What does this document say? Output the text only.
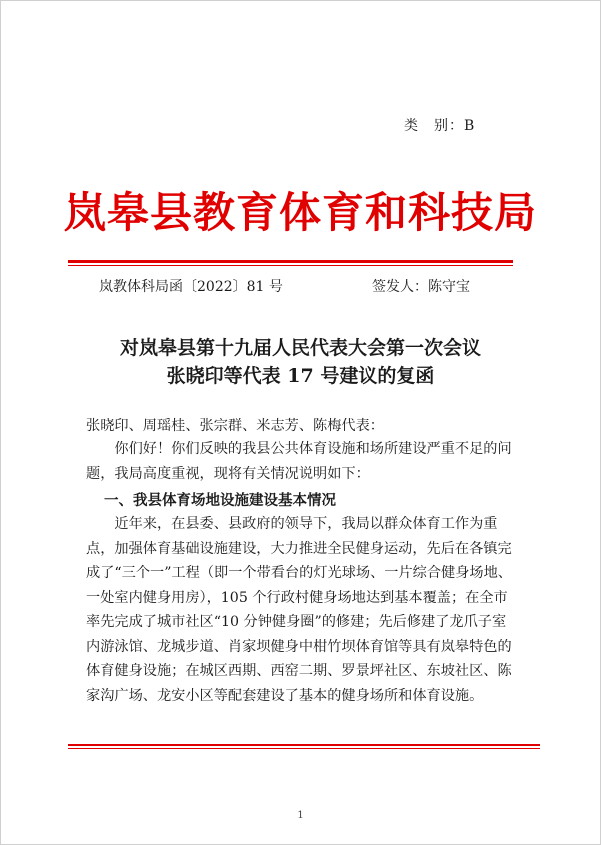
类　别：B
岚皋县教育体育和科技局
岚教体科局函〔2022〕81 号	签发人：陈守宝
对岚皋县第十九届人民代表大会第一次会议
张晓印等代表 17 号建议的复函
张晓印、周瑶桂、张宗群、米志芳、陈梅代表：
你们好！你们反映的我县公共体育设施和场所建设严重不足的问题，我局高度重视，现将有关情况说明如下：
一、我县体育场地设施建设基本情况
近年来，在县委、县政府的领导下，我局以群众体育工作为重点，加强体育基础设施建设，大力推进全民健身运动，先后在各镇完成了“三个一”工程（即一个带看台的灯光球场、一片综合健身场地、一处室内健身用房），105 个行政村健身场地达到基本覆盖；在全市率先完成了城市社区“10 分钟健身圈”的修建；先后修建了龙爪子室内游泳馆、龙城步道、肖家坝健身中柑竹坝体育馆等具有岚皋特色的体育健身设施；在城区西期、西窑二期、罗景坪社区、东坡社区、陈家沟广场、龙安小区等配套建设了基本的健身场所和体育设施。
1
